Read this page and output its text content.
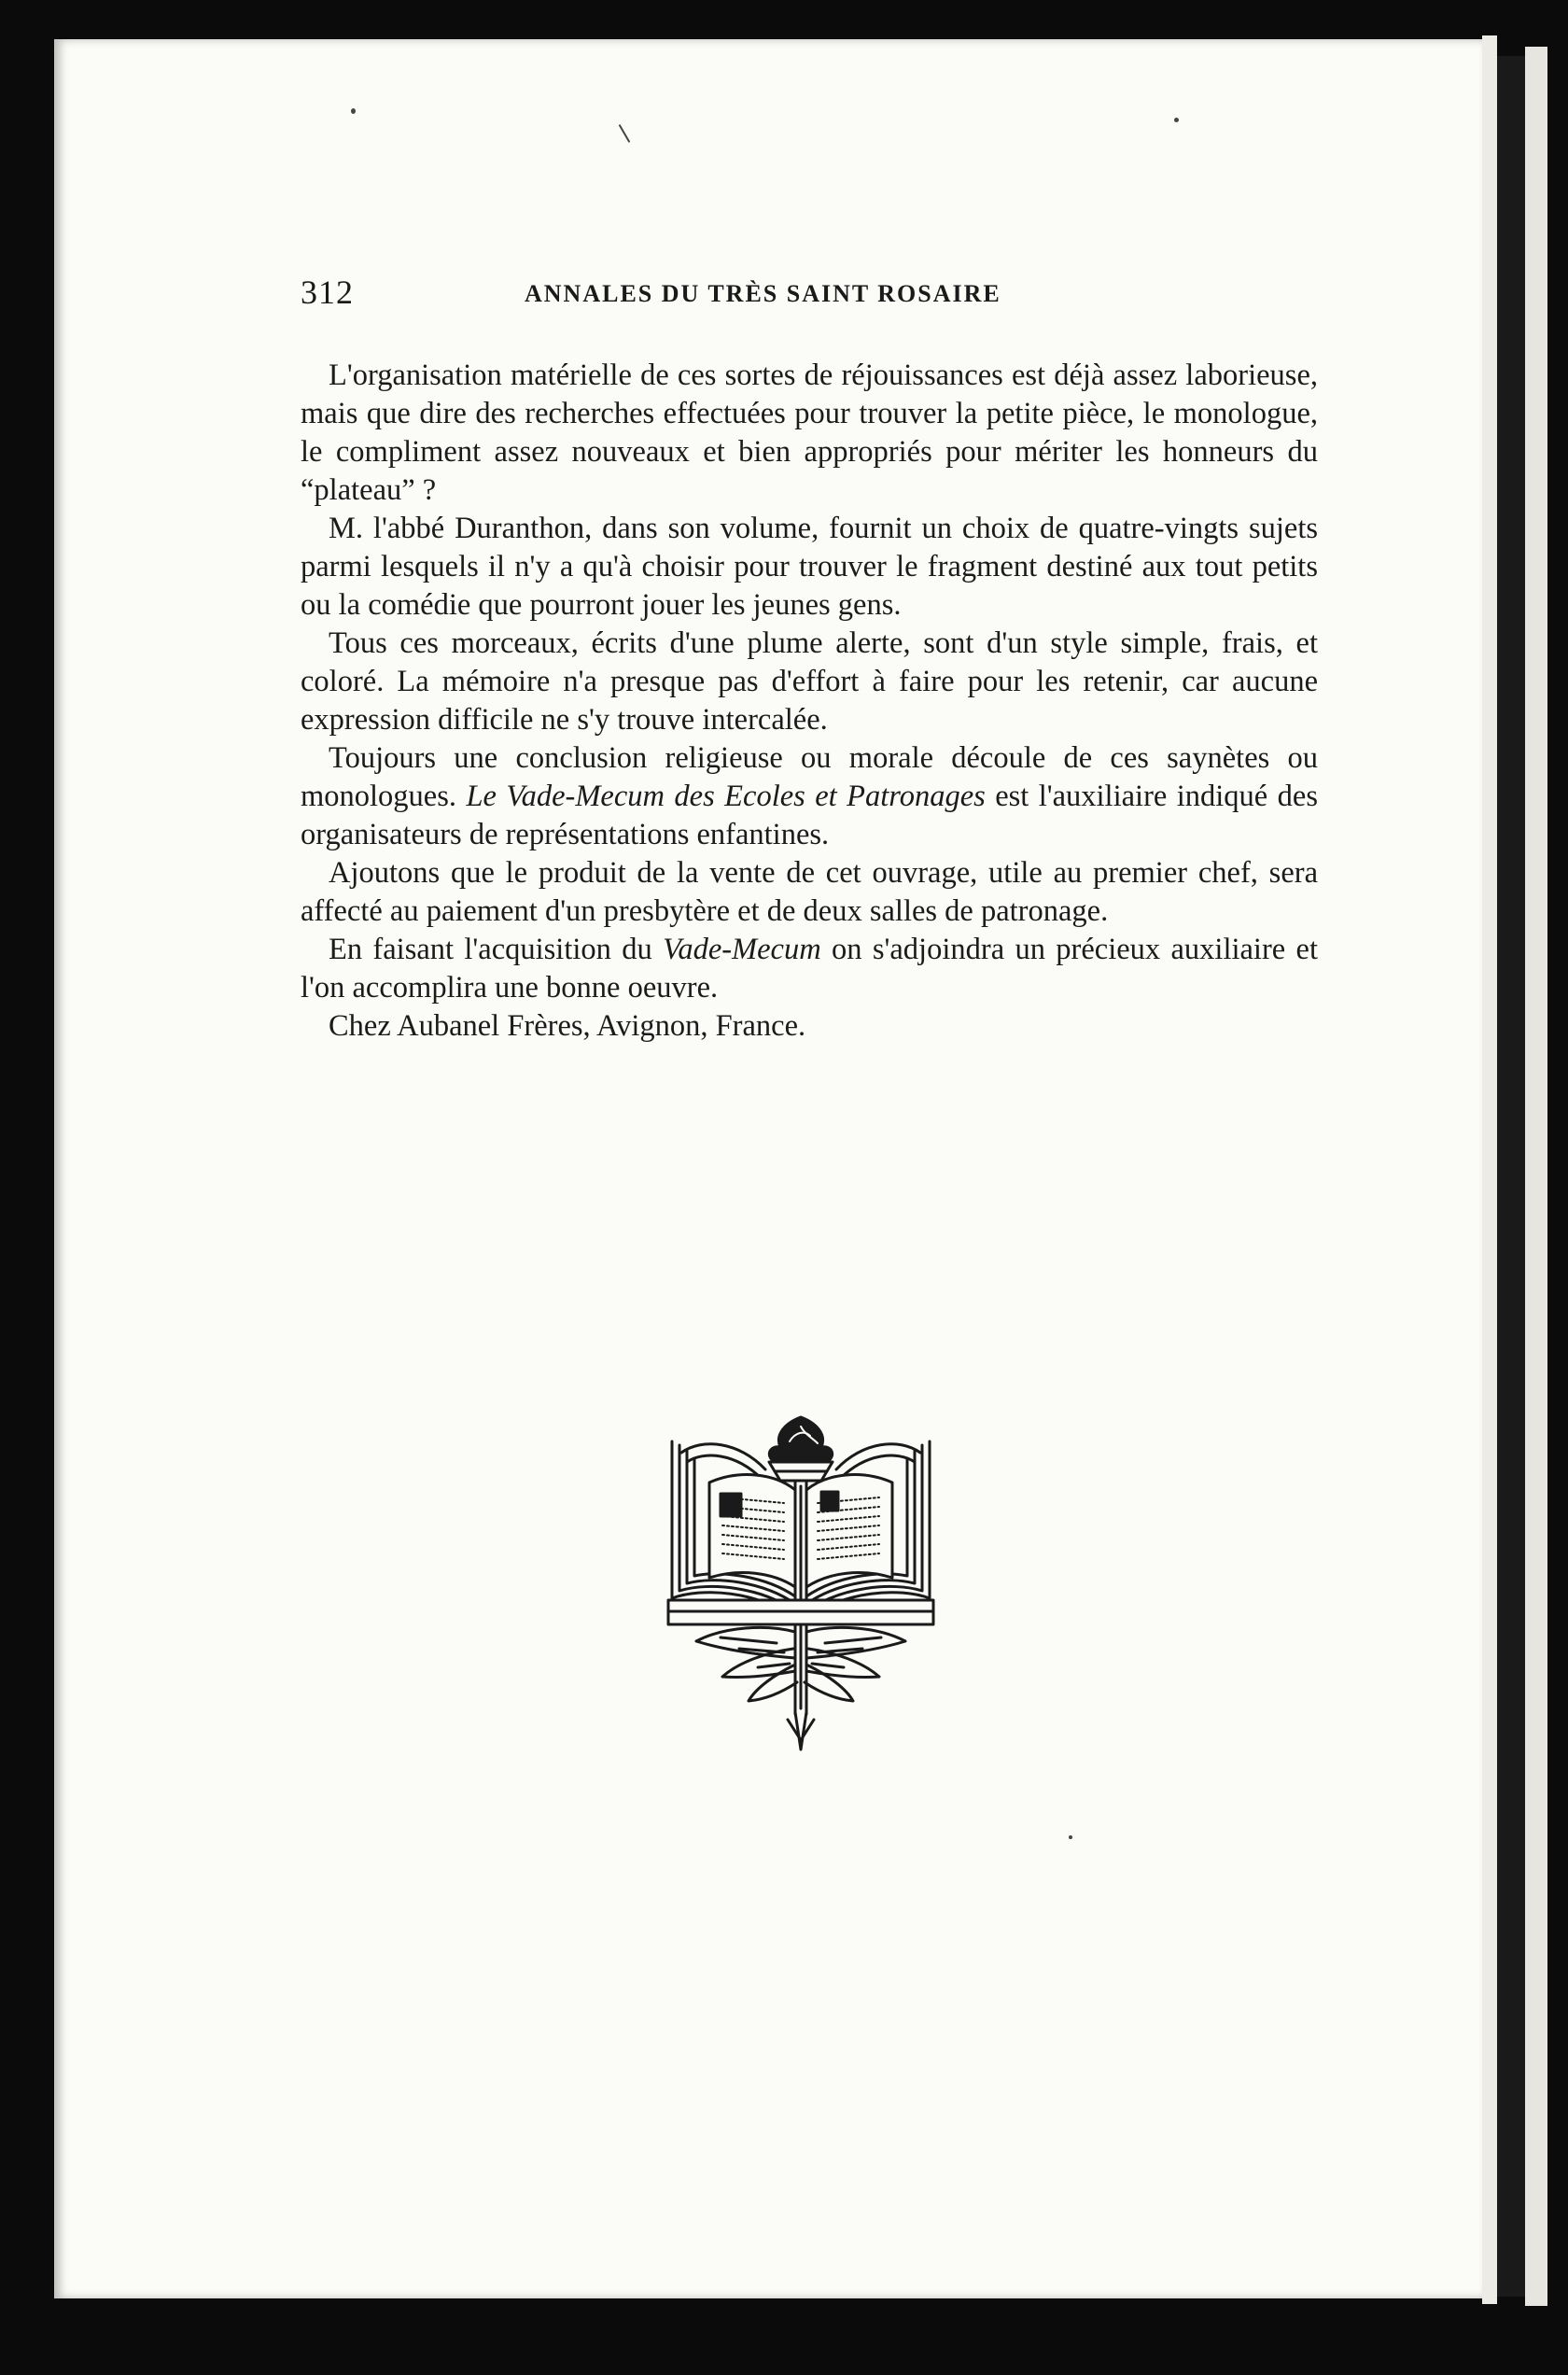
312	ANNALES DU TRÈS SAINT ROSAIRE

L'organisation matérielle de ces sortes de réjouissances est déjà assez laborieuse, mais que dire des recherches effectuées pour trouver la petite pièce, le monologue, le compliment assez nouveaux et bien appropriés pour mériter les honneurs du “plateau” ?

M. l'abbé Duranthon, dans son volume, fournit un choix de quatre-vingts sujets parmi lesquels il n'y a qu'à choisir pour trouver le fragment destiné aux tout petits ou la comédie que pourront jouer les jeunes gens.

Tous ces morceaux, écrits d'une plume alerte, sont d'un style simple, frais, et coloré. La mémoire n'a presque pas d'effort à faire pour les retenir, car aucune expression difficile ne s'y trouve intercalée.

Toujours une conclusion religieuse ou morale découle de ces saynètes ou monologues. Le Vade-Mecum des Ecoles et Patronages est l'auxiliaire indiqué des organisateurs de représentations enfantines.

Ajoutons que le produit de la vente de cet ouvrage, utile au premier chef, sera affecté au paiement d'un presbytère et de deux salles de patronage.

En faisant l'acquisition du Vade-Mecum on s'adjoindra un précieux auxiliaire et l'on accomplira une bonne oeuvre.

Chez Aubanel Frères, Avignon, France.
